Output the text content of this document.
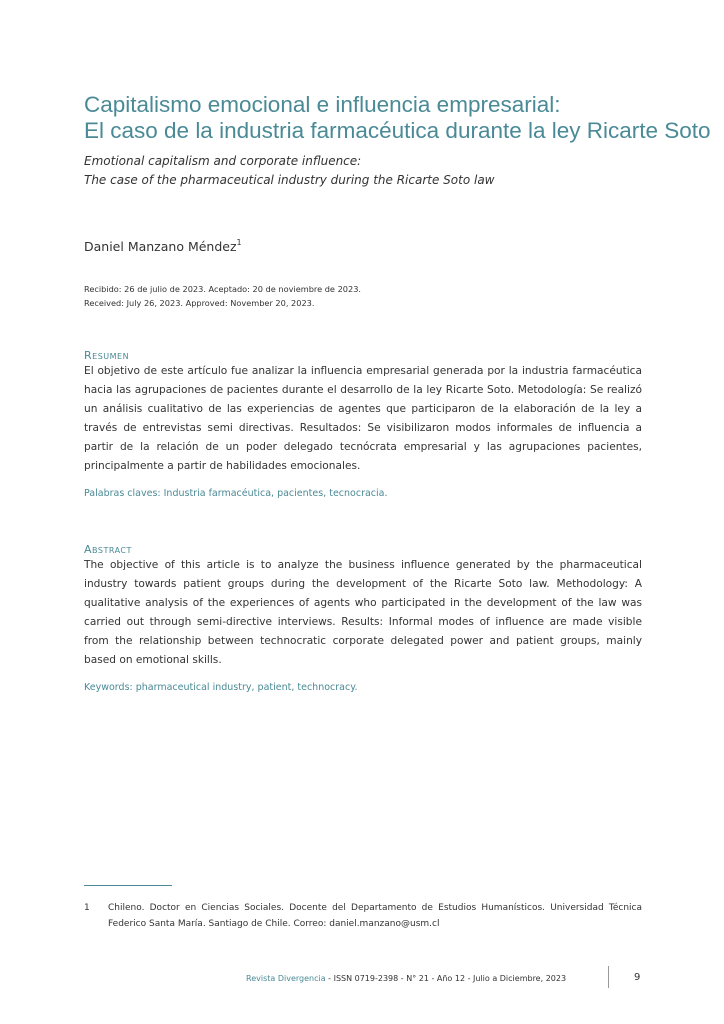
Capitalismo emocional e influencia empresarial:
El caso de la industria farmacéutica durante la ley Ricarte Soto
Emotional capitalism and corporate influence:
The case of the pharmaceutical industry during the Ricarte Soto law
Daniel Manzano Méndez$^1$
Recibido: 26 de julio de 2023. Aceptado: 20 de noviembre de 2023.
Received: July 26, 2023. Approved: November 20, 2023.
Resumen
El objetivo de este artículo fue analizar la influencia empresarial generada por la industria farmacéutica hacia las agrupaciones de pacientes durante el desarrollo de la ley Ricarte Soto. Metodología: Se realizó un análisis cualitativo de las experiencias de agentes que participaron de la elaboración de la ley a través de entrevistas semi directivas. Resultados: Se visibilizaron modos informales de influencia a partir de la relación de un poder delegado tecnócrata empresarial y las agrupaciones pacientes, principalmente a partir de habilidades emocionales.
Palabras claves: Industria farmacéutica, pacientes, tecnocracia.
Abstract
The objective of this article is to analyze the business influence generated by the pharmaceutical industry towards patient groups during the development of the Ricarte Soto law. Methodology: A qualitative analysis of the experiences of agents who participated in the development of the law was carried out through semi-directive interviews. Results: Informal modes of influence are made visible from the relationship between technocratic corporate delegated power and patient groups, mainly based on emotional skills.
Keywords: pharmaceutical industry, patient, technocracy.
1 Chileno. Doctor en Ciencias Sociales. Docente del Departamento de Estudios Humanísticos. Universidad Técnica Federico Santa María. Santiago de Chile. Correo: daniel.manzano@usm.cl
Revista Divergencia - ISSN 0719-2398 - N° 21 - Año 12 - Julio a Diciembre, 2023	9
